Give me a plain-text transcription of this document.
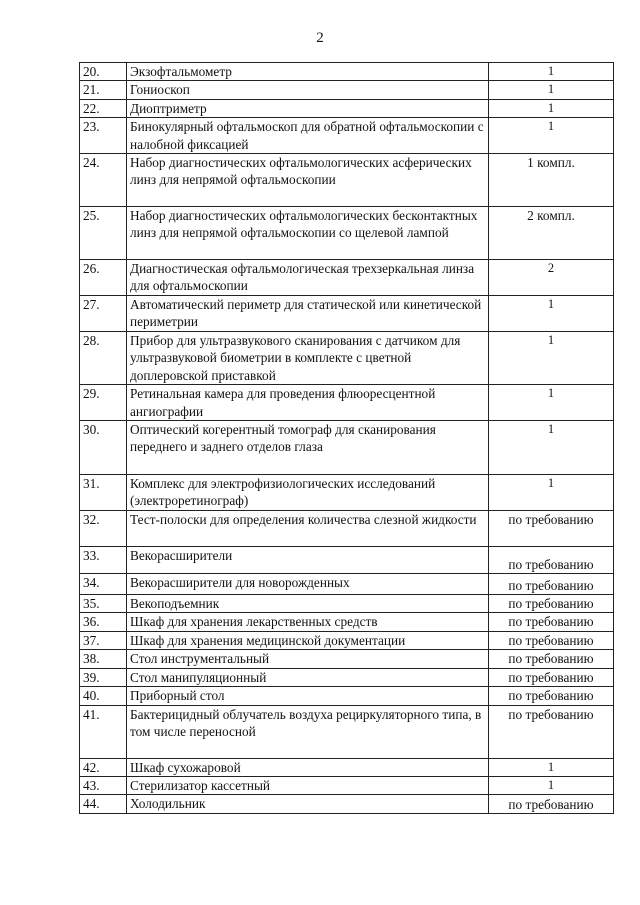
2
20.	Экзофтальмометр	1
21.	Гониоскоп	1
22.	Диоптриметр	1
23.	Бинокулярный офтальмоскоп для обратной офтальмоскопии с налобной фиксацией	1
24.	Набор диагностических офтальмологических асферических линз для непрямой офтальмоскопии	1 компл.
25.	Набор диагностических офтальмологических бесконтактных линз для непрямой офтальмоскопии со щелевой лампой	2 компл.
26.	Диагностическая офтальмологическая трехзеркальная линза для офтальмоскопии	2
27.	Автоматический периметр для статической или кинетической периметрии	1
28.	Прибор для ультразвукового сканирования с датчиком для ультразвуковой биометрии в комплекте с цветной доплеровской приставкой	1
29.	Ретинальная камера для проведения флюоресцентной ангиографии	1
30.	Оптический когерентный томограф для сканирования переднего и заднего отделов глаза	1
31.	Комплекс для электрофизиологических исследований (электроретинограф)	1
32.	Тест-полоски для определения количества слезной жидкости	по требованию
33.	Векорасширители	по требованию
34.	Векорасширители для новорожденных	по требованию
35.	Векоподъемник	по требованию
36.	Шкаф для хранения лекарственных средств	по требованию
37.	Шкаф для хранения медицинской документации	по требованию
38.	Стол инструментальный	по требованию
39.	Стол манипуляционный	по требованию
40.	Приборный стол	по требованию
41.	Бактерицидный облучатель воздуха рециркуляторного типа, в том числе переносной	по требованию
42.	Шкаф сухожаровой	1
43.	Стерилизатор кассетный	1
44.	Холодильник	по требованию
